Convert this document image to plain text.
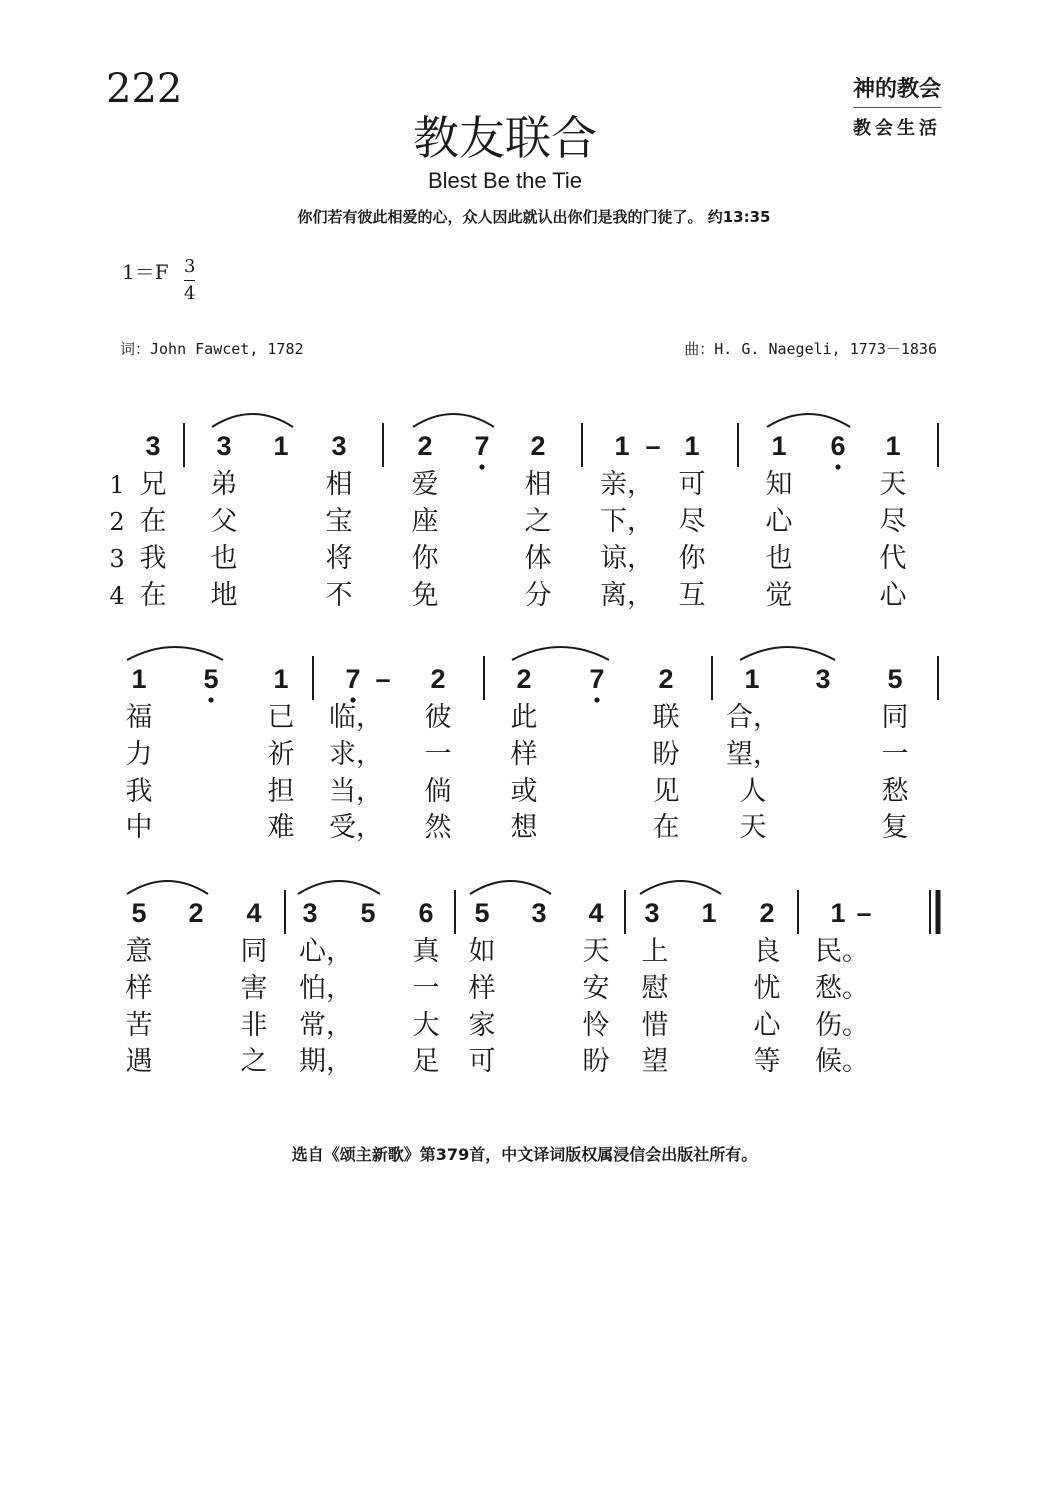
222	神的教会
教会生活
教友联合
Blest Be the Tie
你们若有彼此相爱的心，众人因此就认出你们是我的门徒了。 约13:35
$1=F \frac{3}{4}$
词：John Fawcet, 1782	曲：H. G. Naegeli, 1773－1836
1
2
3
4
3 3 1 3	2 7 2	1 – 1	1 6 1
兄 弟	相 爱	相 亲， 可 知	天
在 父	宝 座	之 下， 尽 心	尽
我 也	将 你	体 谅， 你 也	代
在 地	不 免	分 离， 互 觉	心
1 5 1 7 – 2	2 7 2	1 3 5
福	已 临， 彼 此	联 合，	同
力	祈 求， 一 样	盼 望，	一
我	担 当， 倘 或	见 人	愁
中	难 受， 然 想	在 天	复
5 2 4 3 5 6 5 3 4 3 1 2 1 –
意	同 心， 真 如	天 上	良 民。
样	害 怕， 一 样	安 慰	忧 愁。
苦	非 常， 大 家	怜 惜	心 伤。
遇	之 期， 足 可	盼 望	等 候。
选自《颂主新歌》第379首，中文译词版权属浸信会出版社所有。
